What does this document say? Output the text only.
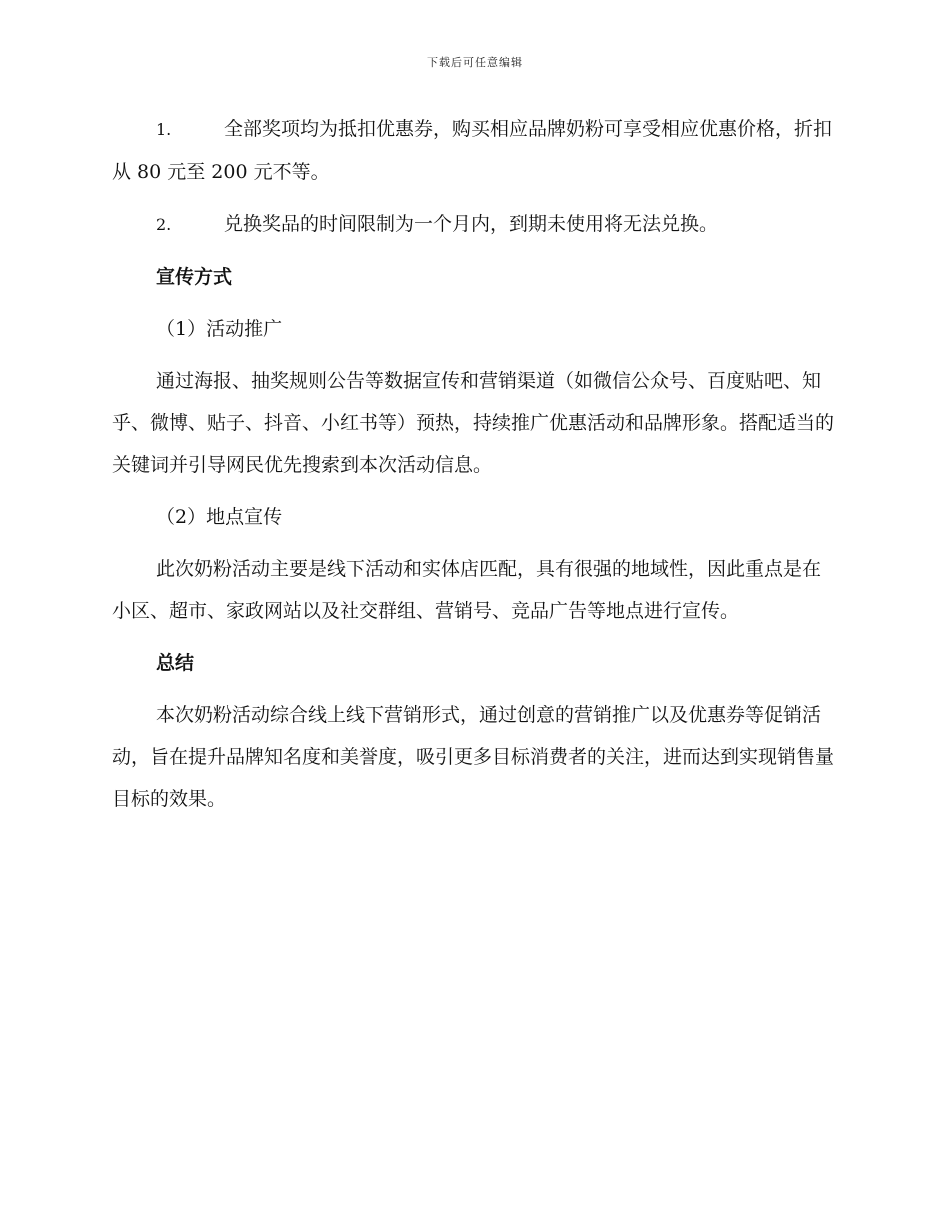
下载后可任意编辑
1.	全部奖项均为抵扣优惠券，购买相应品牌奶粉可享受相应优惠价格，折扣从 80 元至 200 元不等。
2.	兑换奖品的时间限制为一个月内，到期未使用将无法兑换。
宣传方式
（1）活动推广

通过海报、抽奖规则公告等数据宣传和营销渠道（如微信公众号、百度贴吧、知乎、微博、贴子、抖音、小红书等）预热，持续推广优惠活动和品牌形象。搭配适当的关键词并引导网民优先搜索到本次活动信息。

（2）地点宣传

此次奶粉活动主要是线下活动和实体店匹配，具有很强的地域性，因此重点是在小区、超市、家政网站以及社交群组、营销号、竞品广告等地点进行宣传。

总结

本次奶粉活动综合线上线下营销形式，通过创意的营销推广以及优惠券等促销活动，旨在提升品牌知名度和美誉度，吸引更多目标消费者的关注，进而达到实现销售量目标的效果。
